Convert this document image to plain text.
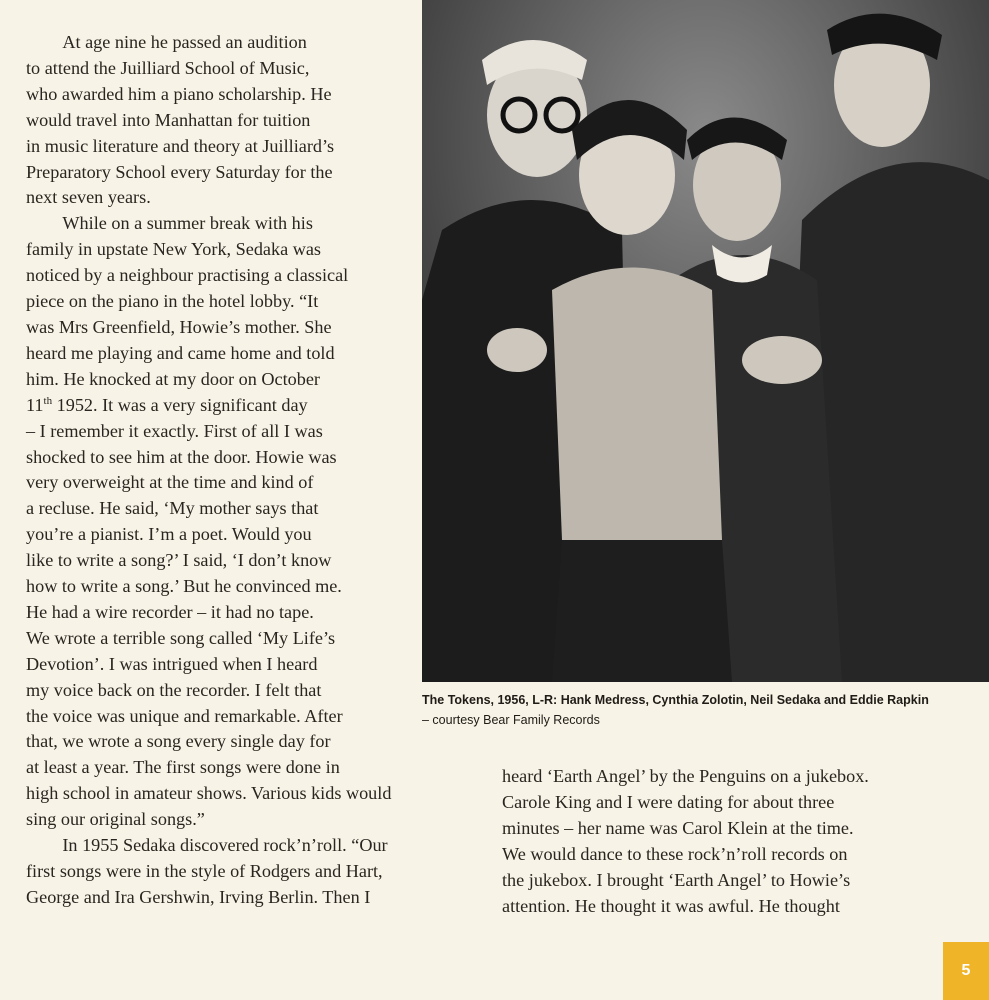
The Tokens, 1956, L-R: Hank Medress, Cynthia Zolotin, Neil Sedaka and Eddie Rapkin
– courtesy Bear Family Records
At age nine he passed an audition
to attend the Juilliard School of Music,
who awarded him a piano scholarship. He
would travel into Manhattan for tuition
in music literature and theory at Juilliard’s
Preparatory School every Saturday for the
next seven years.
While on a summer break with his
family in upstate New York, Sedaka was
noticed by a neighbour practising a classical
piece on the piano in the hotel lobby. “It
was Mrs Greenfield, Howie’s mother. She
heard me playing and came home and told
him. He knocked at my door on October
11th 1952. It was a very significant day
– I remember it exactly. First of all I was
shocked to see him at the door. Howie was
very overweight at the time and kind of
a recluse. He said, ‘My mother says that
you’re a pianist. I’m a poet. Would you
like to write a song?’ I said, ‘I don’t know
how to write a song.’ But he convinced me.
He had a wire recorder – it had no tape.
We wrote a terrible song called ‘My Life’s
Devotion’. I was intrigued when I heard
my voice back on the recorder. I felt that
the voice was unique and remarkable. After
that, we wrote a song every single day for
at least a year. The first songs were done in
high school in amateur shows. Various kids would
sing our original songs.”
In 1955 Sedaka discovered rock’n’roll. “Our
first songs were in the style of Rodgers and Hart,
George and Ira Gershwin, Irving Berlin. Then I
heard ‘Earth Angel’ by the Penguins on a jukebox.
Carole King and I were dating for about three
minutes – her name was Carol Klein at the time.
We would dance to these rock’n’roll records on
the jukebox. I brought ‘Earth Angel’ to Howie’s
attention. He thought it was awful. He thought
5
